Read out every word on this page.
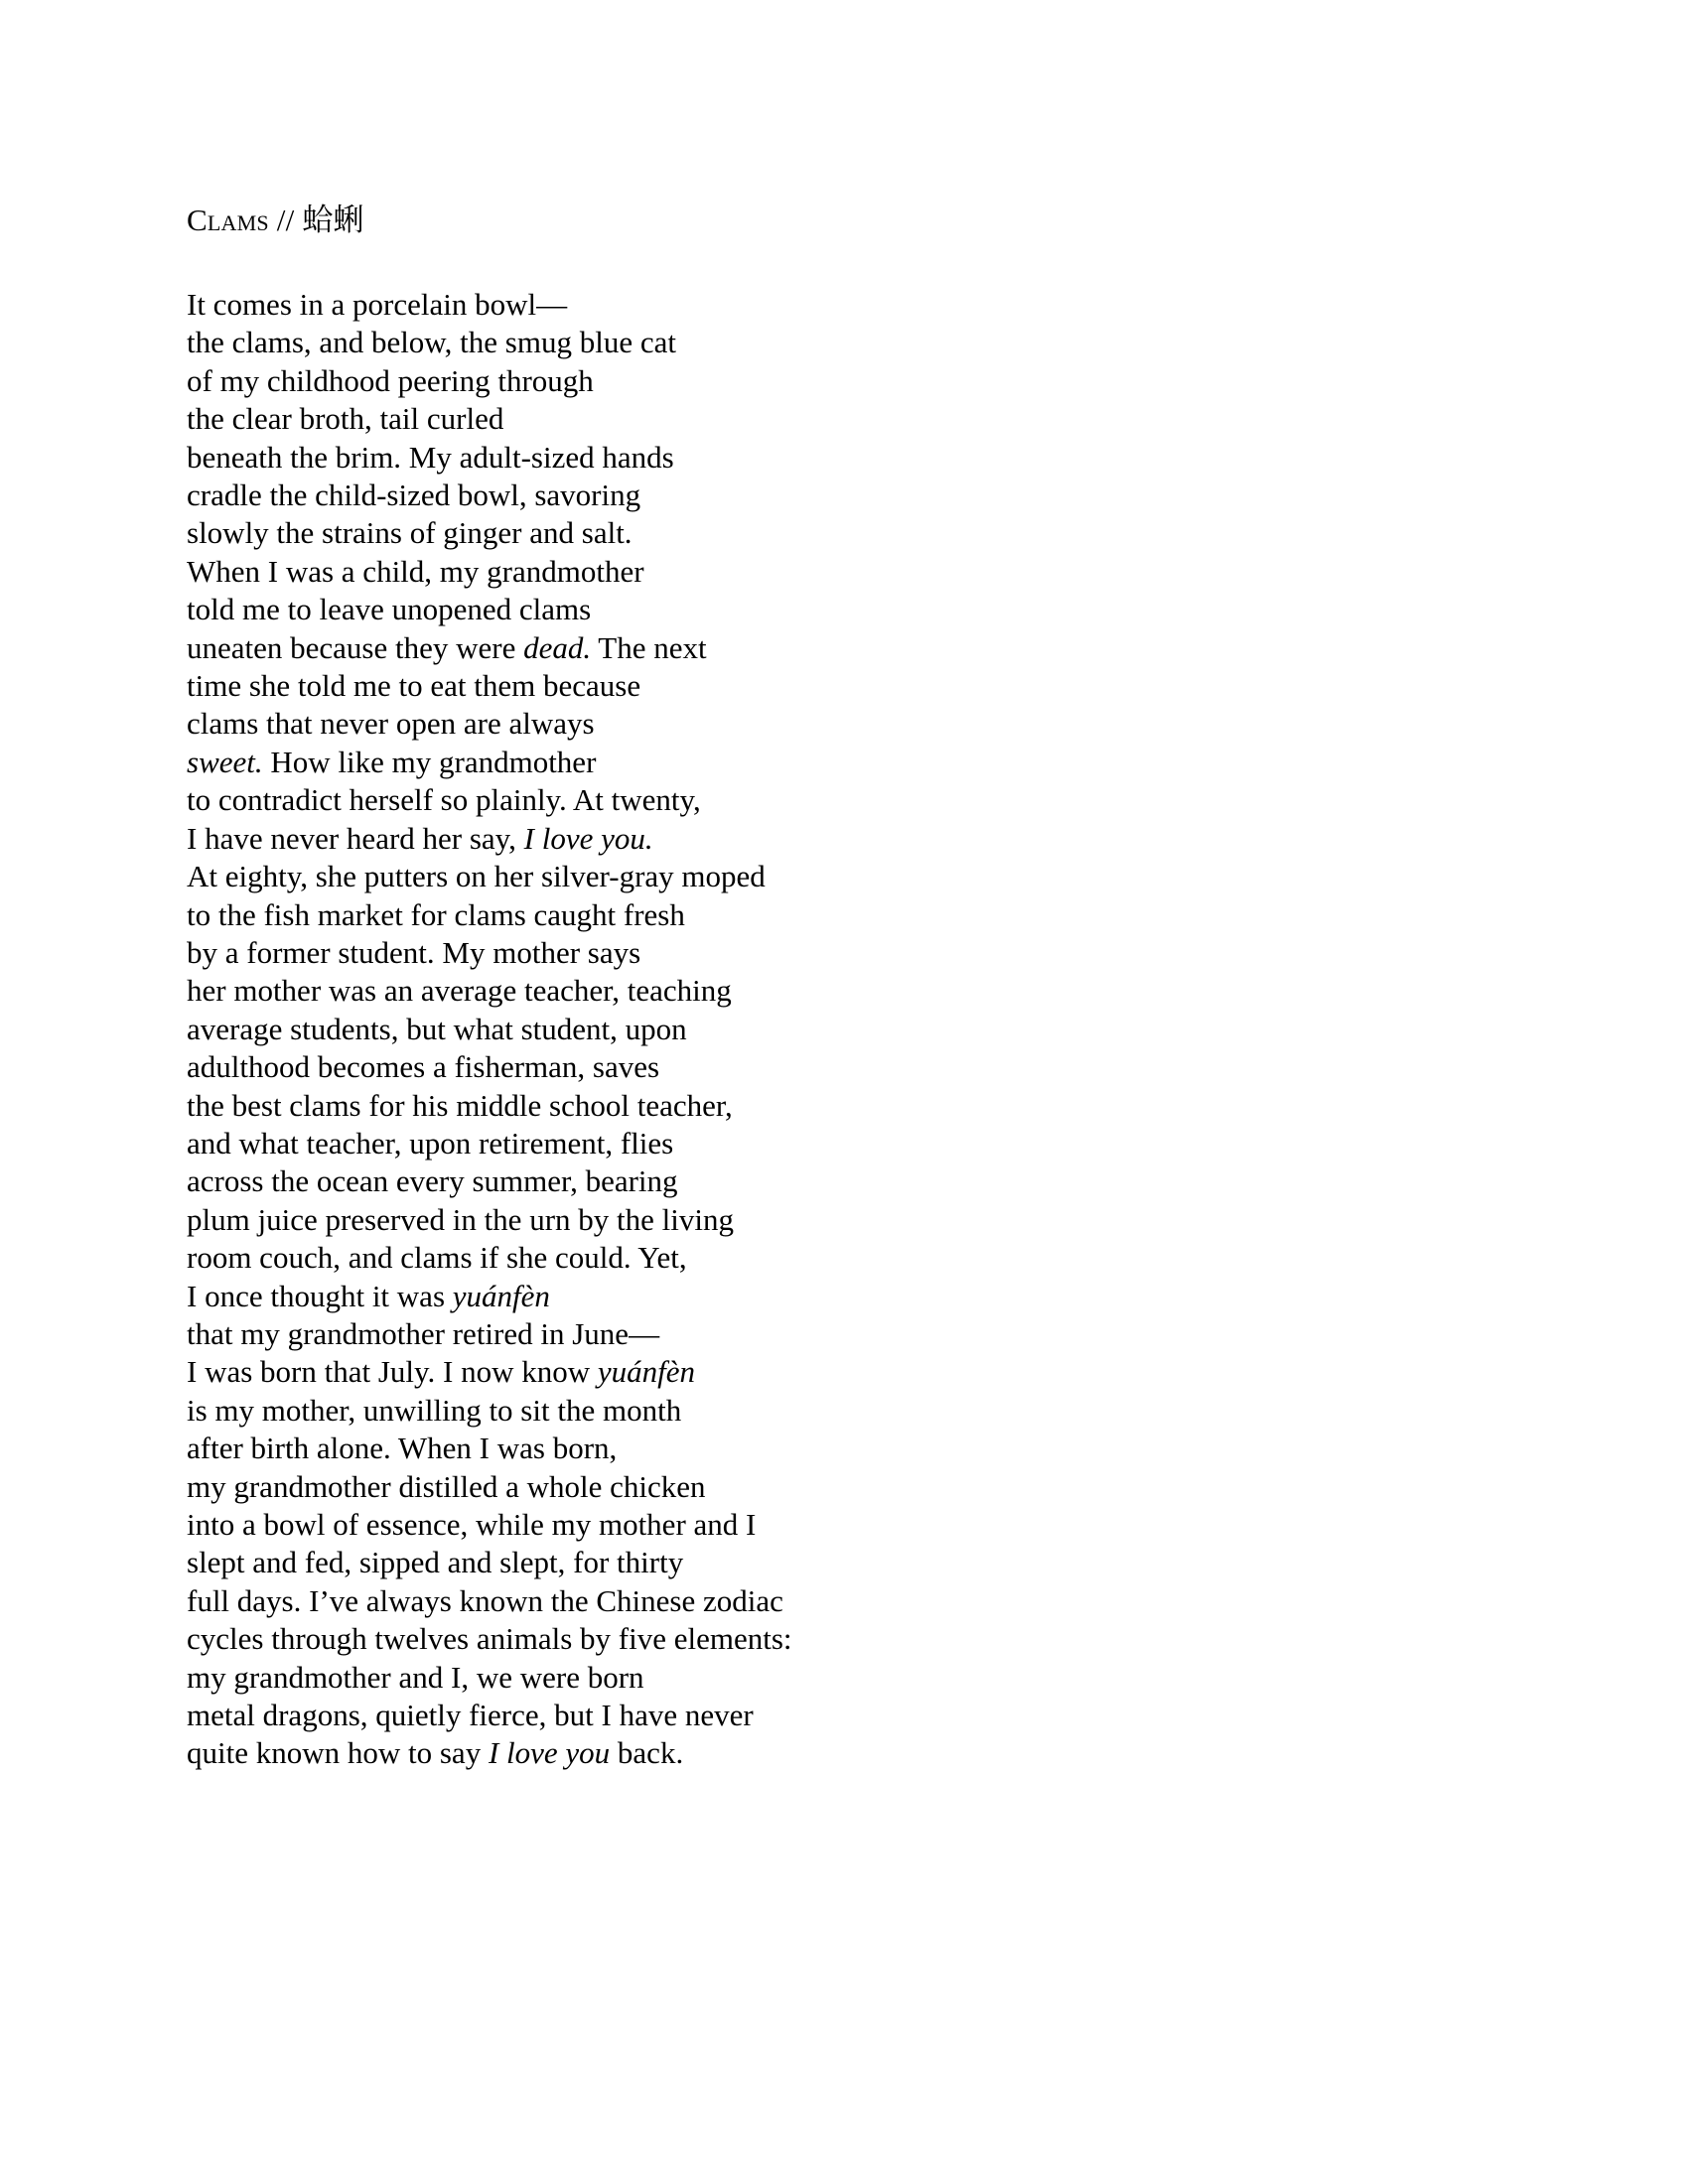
Clams // 蛤蜊
It comes in a porcelain bowl—
the clams, and below, the smug blue cat
of my childhood peering through
the clear broth, tail curled
beneath the brim. My adult-sized hands
cradle the child-sized bowl, savoring
slowly the strains of ginger and salt.
When I was a child, my grandmother
told me to leave unopened clams
uneaten because they were dead. The next
time she told me to eat them because
clams that never open are always
sweet. How like my grandmother
to contradict herself so plainly. At twenty,
I have never heard her say, I love you.
At eighty, she putters on her silver-gray moped
to the fish market for clams caught fresh
by a former student. My mother says
her mother was an average teacher, teaching
average students, but what student, upon
adulthood becomes a fisherman, saves
the best clams for his middle school teacher,
and what teacher, upon retirement, flies
across the ocean every summer, bearing
plum juice preserved in the urn by the living
room couch, and clams if she could. Yet,
I once thought it was yuánfèn
that my grandmother retired in June—
I was born that July. I now know yuánfèn
is my mother, unwilling to sit the month
after birth alone. When I was born,
my grandmother distilled a whole chicken
into a bowl of essence, while my mother and I
slept and fed, sipped and slept, for thirty
full days. I’ve always known the Chinese zodiac
cycles through twelves animals by five elements:
my grandmother and I, we were born
metal dragons, quietly fierce, but I have never
quite known how to say I love you back.
